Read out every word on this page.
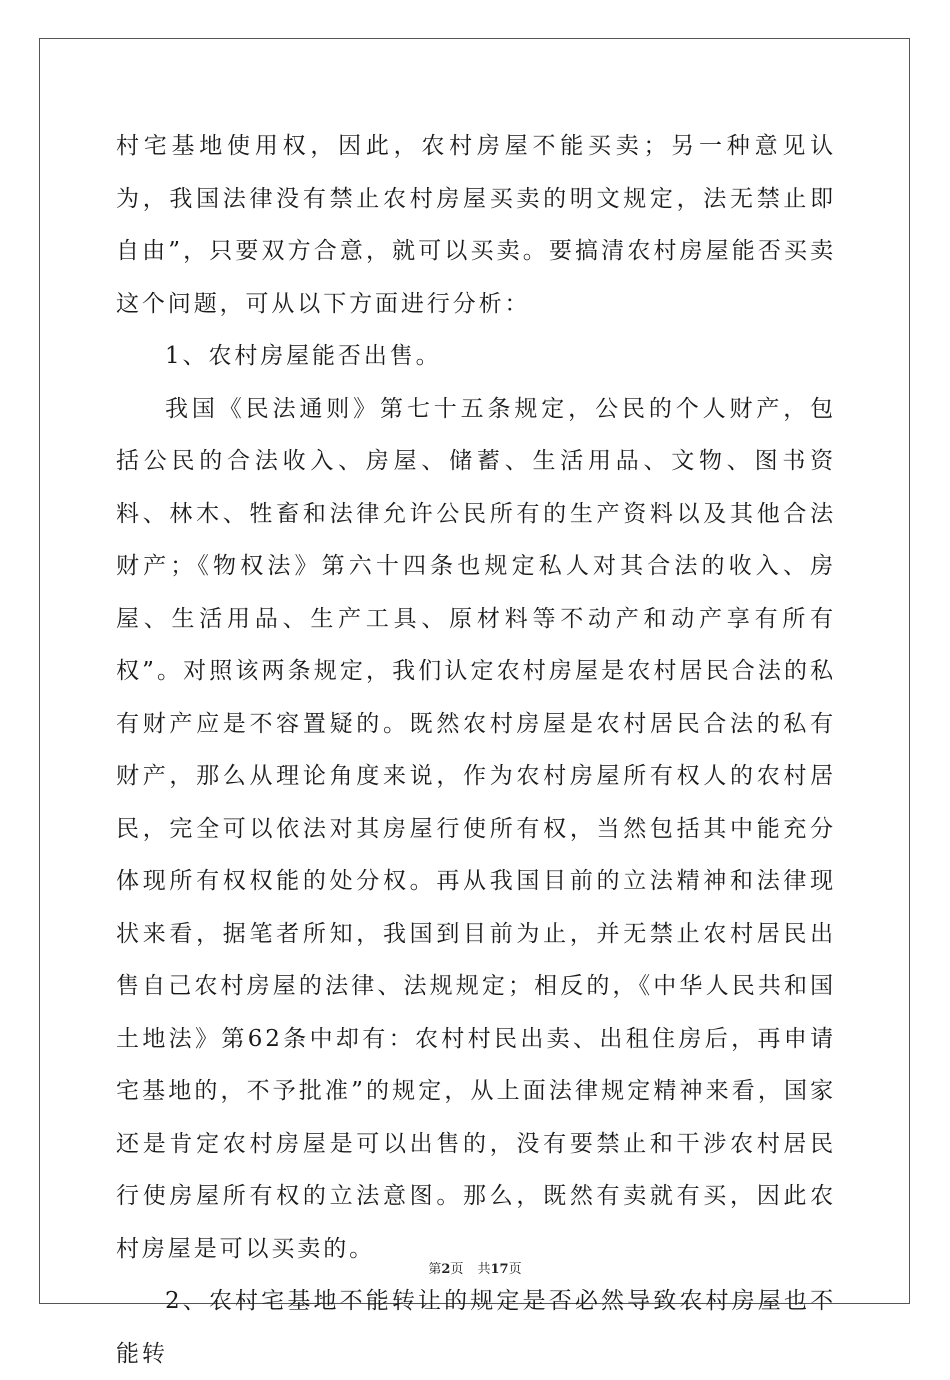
村宅基地使用权，因此，农村房屋不能买卖；另一种意见认为，我国法律没有禁止农村房屋买卖的明文规定，法无禁止即自由”，只要双方合意，就可以买卖。要搞清农村房屋能否买卖这个问题，可从以下方面进行分析：

1、农村房屋能否出售。

我国《民法通则》第七十五条规定，公民的个人财产，包括公民的合法收入、房屋、储蓄、生活用品、文物、图书资料、林木、牲畜和法律允许公民所有的生产资料以及其他合法财产；《物权法》第六十四条也规定私人对其合法的收入、房屋、生活用品、生产工具、原材料等不动产和动产享有所有权”。对照该两条规定，我们认定农村房屋是农村居民合法的私有财产应是不容置疑的。既然农村房屋是农村居民合法的私有财产，那么从理论角度来说，作为农村房屋所有权人的农村居民，完全可以依法对其房屋行使所有权，当然包括其中能充分体现所有权权能的处分权。再从我国目前的立法精神和法律现状来看，据笔者所知，我国到目前为止，并无禁止农村居民出售自己农村房屋的法律、法规规定；相反的，《中华人民共和国土地法》第62条中却有：农村村民出卖、出租住房后，再申请宅基地的，不予批准”的规定，从上面法律规定精神来看，国家还是肯定农村房屋是可以出售的，没有要禁止和干涉农村居民行使房屋所有权的立法意图。那么，既然有卖就有买，因此农村房屋是可以买卖的。

2、农村宅基地不能转让的规定是否必然导致农村房屋也不能转

第2页 共17页
